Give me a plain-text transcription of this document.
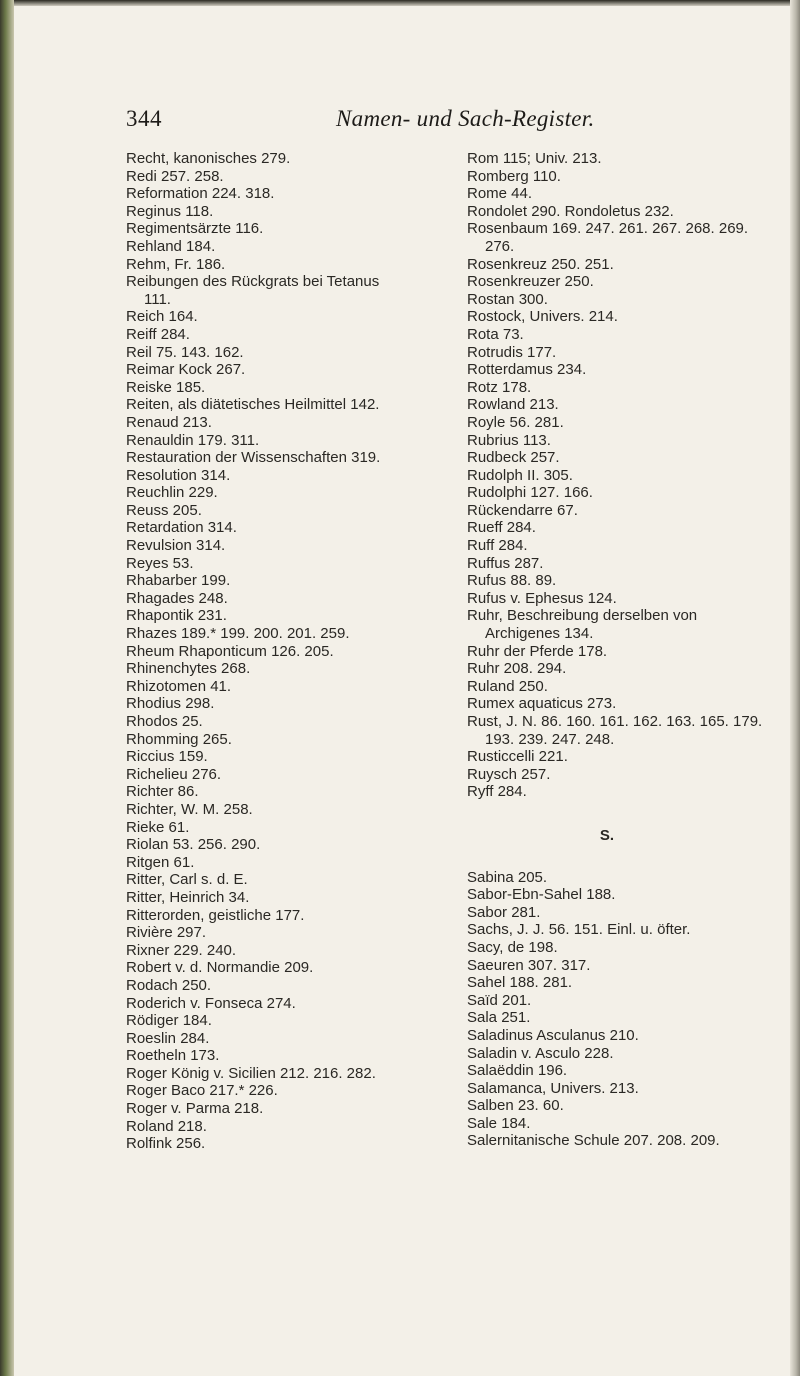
344	Namen- und Sach-Register.
Recht, kanonisches 279.
Redi 257. 258.
Reformation 224. 318.
Reginus 118.
Regimentsärzte 116.
Rehland 184.
Rehm, Fr. 186.
Reibungen des Rückgrats bei Tetanus 111.
Reich 164.
Reiff 284.
Reil 75. 143. 162.
Reimar Kock 267.
Reiske 185.
Reiten, als diätetisches Heilmittel 142.
Renaud 213.
Renauldin 179. 311.
Restauration der Wissenschaften 319.
Resolution 314.
Reuchlin 229.
Reuss 205.
Retardation 314.
Revulsion 314.
Reyes 53.
Rhabarber 199.
Rhagades 248.
Rhapontik 231.
Rhazes 189.* 199. 200. 201. 259.
Rheum Rhaponticum 126. 205.
Rhinenchytes 268.
Rhizotomen 41.
Rhodius 298.
Rhodos 25.
Rhomming 265.
Riccius 159.
Richelieu 276.
Richter 86.
Richter, W. M. 258.
Rieke 61.
Riolan 53. 256. 290.
Ritgen 61.
Ritter, Carl s. d. E.
Ritter, Heinrich 34.
Ritterorden, geistliche 177.
Rivière 297.
Rixner 229. 240.
Robert v. d. Normandie 209.
Rodach 250.
Roderich v. Fonseca 274.
Rödiger 184.
Roeslin 284.
Roetheln 173.
Roger König v. Sicilien 212. 216. 282.
Roger Baco 217.* 226.
Roger v. Parma 218.
Roland 218.
Rolfink 256.
Rom 115; Univ. 213.
Romberg 110.
Rome 44.
Rondolet 290. Rondoletus 232.
Rosenbaum 169. 247. 261. 267. 268. 269. 276.
Rosenkreuz 250. 251.
Rosenkreuzer 250.
Rostan 300.
Rostock, Univers. 214.
Rota 73.
Rotrudis 177.
Rotterdamus 234.
Rotz 178.
Rowland 213.
Royle 56. 281.
Rubrius 113.
Rudbeck 257.
Rudolph II. 305.
Rudolphi 127. 166.
Rückendarre 67.
Rueff 284.
Ruff 284.
Ruffus 287.
Rufus 88. 89.
Rufus v. Ephesus 124.
Ruhr, Beschreibung derselben von Archigenes 134.
Ruhr der Pferde 178.
Ruhr 208. 294.
Ruland 250.
Rumex aquaticus 273.
Rust, J. N. 86. 160. 161. 162. 163. 165. 179. 193. 239. 247. 248.
Rusticcelli 221.
Ruysch 257.
Ryff 284.
S.
Sabina 205.
Sabor-Ebn-Sahel 188.
Sabor 281.
Sachs, J. J. 56. 151. Einl. u. öfter.
Sacy, de 198.
Saeuren 307. 317.
Sahel 188. 281.
Saïd 201.
Sala 251.
Saladinus Asculanus 210.
Saladin v. Asculo 228.
Salaëddin 196.
Salamanca, Univers. 213.
Salben 23. 60.
Sale 184.
Salernitanische Schule 207. 208. 209.
